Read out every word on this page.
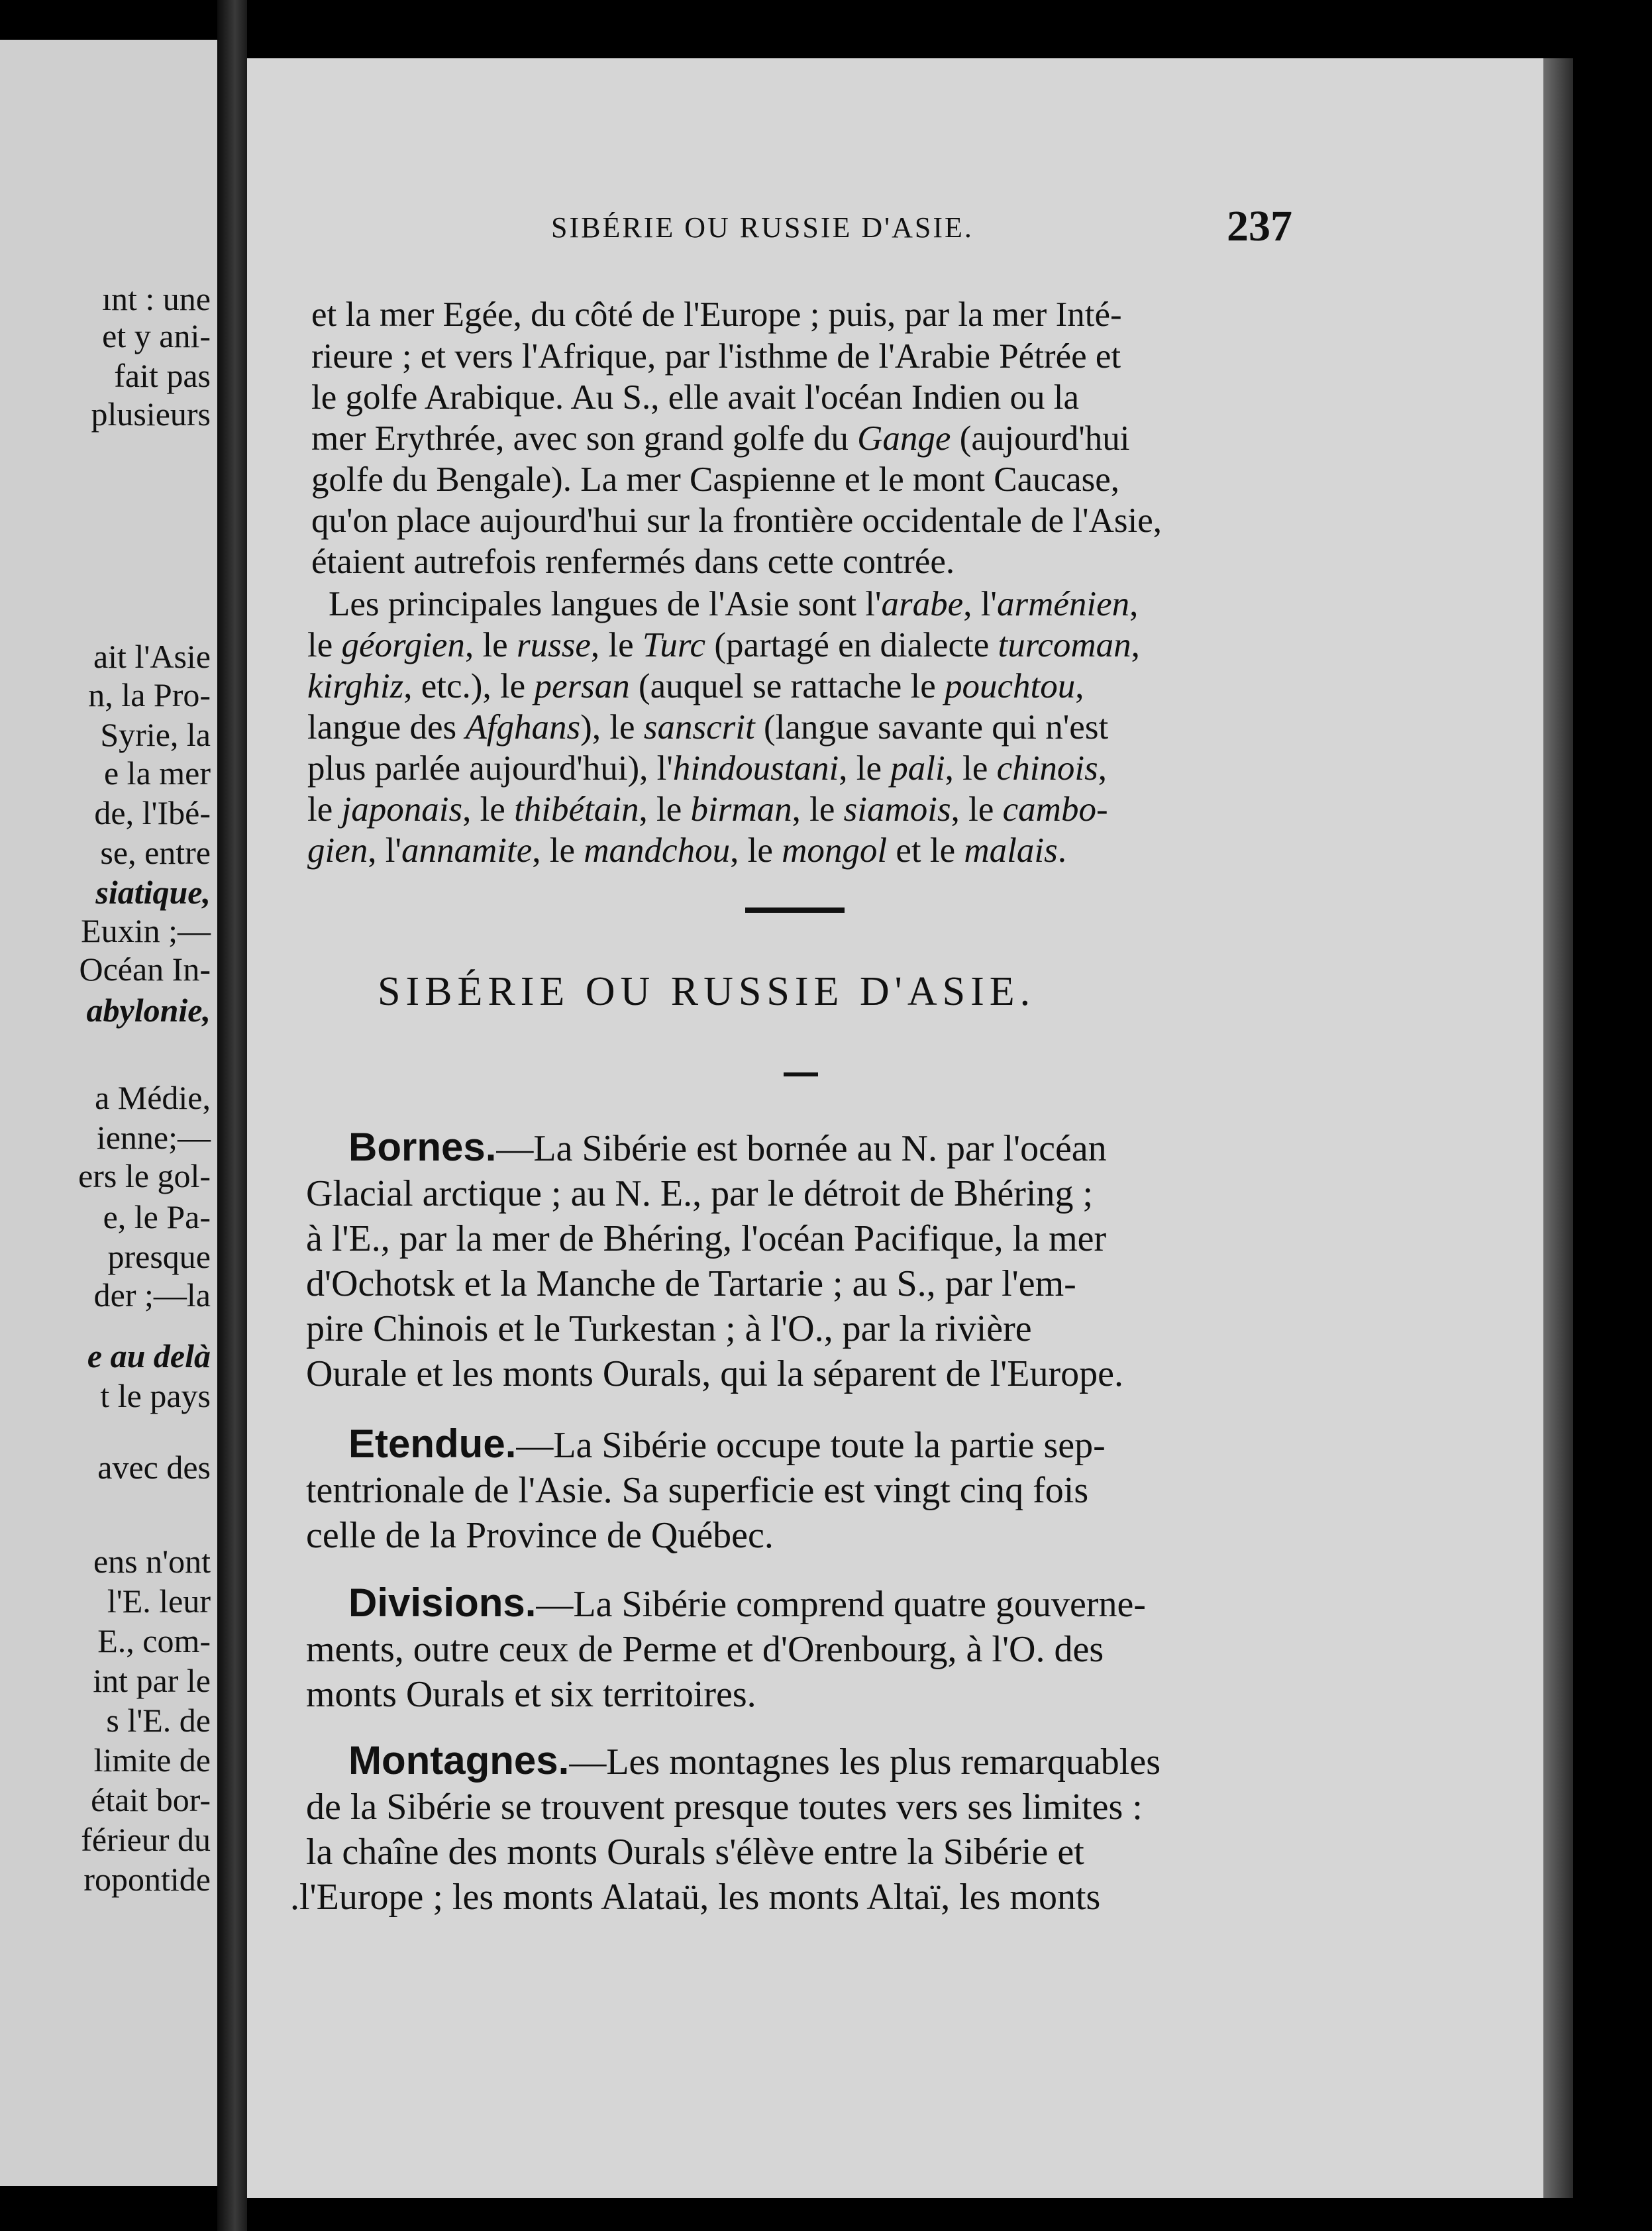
ınt : une
et y ani-
fait pas
plusieurs
ait l'Asie
n, la Pro-
Syrie, la
e la mer
de, l'Ibé-
se, entre
siatique,
Euxin ;—
Océan In-
abylonie,
a Médie,
ienne;—
ers le gol-
e, le Pa-
presque
der ;—la
e au delà
t le pays
avec des
ens n'ont
l'E. leur
E., com-
int par le
s l'E. de
limite de
était bor-
férieur du
ropontide
SIBÉRIE OU RUSSIE D'ASIE.	237
et la mer Egée, du côté de l'Europe ; puis, par la mer Inté-
rieure ; et vers l'Afrique, par l'isthme de l'Arabie Pétrée et
le golfe Arabique. Au S., elle avait l'océan Indien ou la
mer Erythrée, avec son grand golfe du Gange (aujourd'hui
golfe du Bengale). La mer Caspienne et le mont Caucase,
qu'on place aujourd'hui sur la frontière occidentale de l'Asie,
étaient autrefois renfermés dans cette contrée.
Les principales langues de l'Asie sont l'arabe, l'arménien,
le géorgien, le russe, le Turc (partagé en dialecte turcoman,
kirghiz, etc.), le persan (auquel se rattache le pouchtou,
langue des Afghans), le sanscrit (langue savante qui n'est
plus parlée aujourd'hui), l'hindoustani, le pali, le chinois,
le japonais, le thibétain, le birman, le siamois, le cambo-
gien, l'annamite, le mandchou, le mongol et le malais.
SIBÉRIE OU RUSSIE D'ASIE.
Bornes.—La Sibérie est bornée au N. par l'océan
Glacial arctique ; au N. E., par le détroit de Bhéring ;
à l'E., par la mer de Bhéring, l'océan Pacifique, la mer
d'Ochotsk et la Manche de Tartarie ; au S., par l'em-
pire Chinois et le Turkestan ; à l'O., par la rivière
Ourale et les monts Ourals, qui la séparent de l'Europe.
Etendue.—La Sibérie occupe toute la partie sep-
tentrionale de l'Asie. Sa superficie est vingt cinq fois
celle de la Province de Québec.
Divisions.—La Sibérie comprend quatre gouverne-
ments, outre ceux de Perme et d'Orenbourg, à l'O. des
monts Ourals et six territoires.
Montagnes.—Les montagnes les plus remarquables
de la Sibérie se trouvent presque toutes vers ses limites :
la chaîne des monts Ourals s'élève entre la Sibérie et
.l'Europe ; les monts Alataü, les monts Altaï, les monts
